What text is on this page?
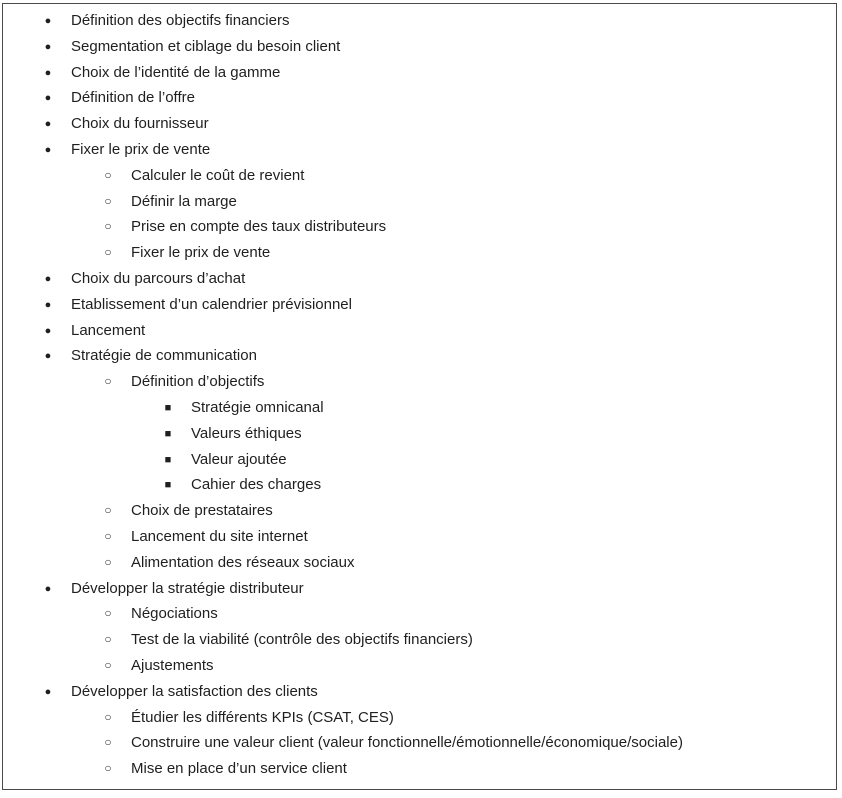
●
Définition des objectifs financiers
●
Segmentation et ciblage du besoin client
●
Choix de l’identité de la gamme
●
Définition de l’offre
●
Choix du fournisseur
●
Fixer le prix de vente
○
Calculer le coût de revient
○
Définir la marge
○
Prise en compte des taux distributeurs
○
Fixer le prix de vente
●
Choix du parcours d’achat
●
Etablissement d’un calendrier prévisionnel
●
Lancement
●
Stratégie de communication
○
Définition d’objectifs
■
Stratégie omnicanal
■
Valeurs éthiques
■
Valeur ajoutée
■
Cahier des charges
○
Choix de prestataires
○
Lancement du site internet
○
Alimentation des réseaux sociaux
●
Développer la stratégie distributeur
○
Négociations
○
Test de la viabilité (contrôle des objectifs financiers)
○
Ajustements
●
Développer la satisfaction des clients
○
Étudier les différents KPIs (CSAT, CES)
○
Construire une valeur client (valeur fonctionnelle/émotionnelle/économique/sociale)
○
Mise en place d’un service client
